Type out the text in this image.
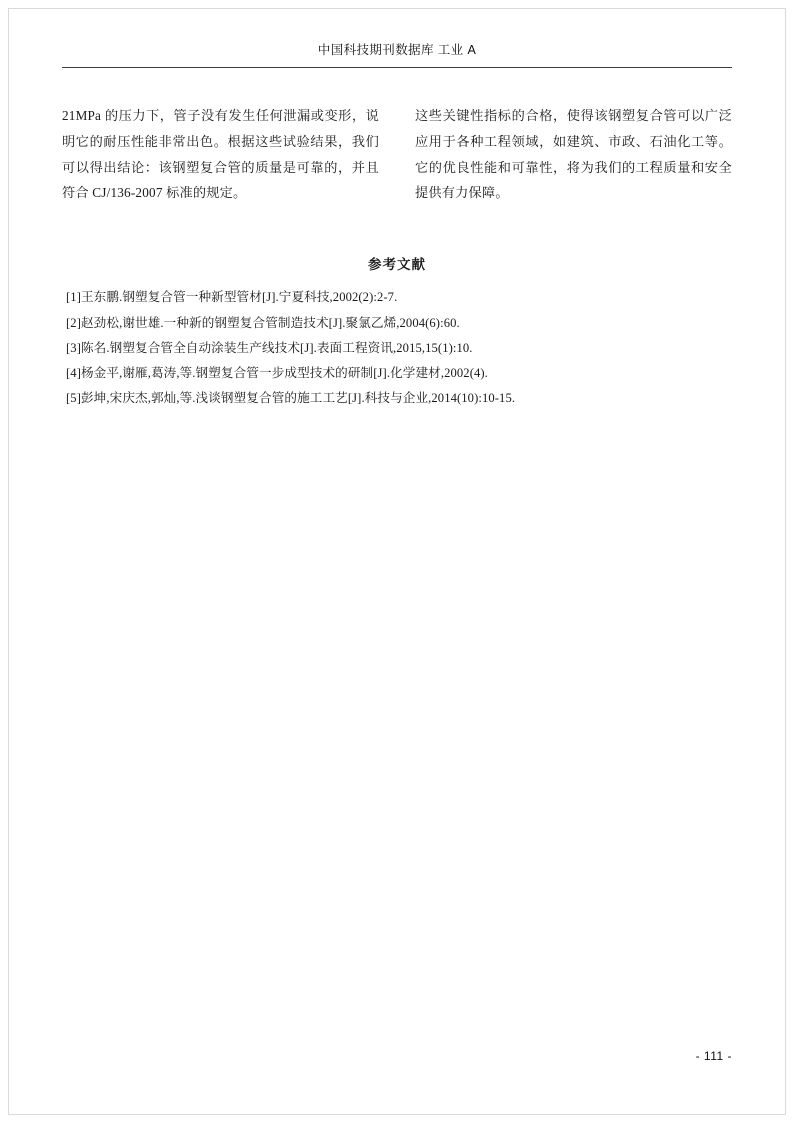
中国科技期刊数据库 工业 A

21MPa 的压力下，管子没有发生任何泄漏或变形，说明它的耐压性能非常出色。根据这些试验结果，我们可以得出结论：该钢塑复合管的质量是可靠的，并且符合 CJ/136-2007 标准的规定。

这些关键性指标的合格，使得该钢塑复合管可以广泛应用于各种工程领域，如建筑、市政、石油化工等。它的优良性能和可靠性，将为我们的工程质量和安全提供有力保障。

参考文献
[1]王东鹏.钢塑复合管一种新型管材[J].宁夏科技,2002(2):2-7.
[2]赵劲松,谢世雄.一种新的钢塑复合管制造技术[J].聚氯乙烯,2004(6):60.
[3]陈名.钢塑复合管全自动涂装生产线技术[J].表面工程资讯,2015,15(1):10.
[4]杨金平,谢雁,葛涛,等.钢塑复合管一步成型技术的研制[J].化学建材,2002(4).
[5]彭坤,宋庆杰,郭灿,等.浅谈钢塑复合管的施工工艺[J].科技与企业,2014(10):10-15.
- 111 -
